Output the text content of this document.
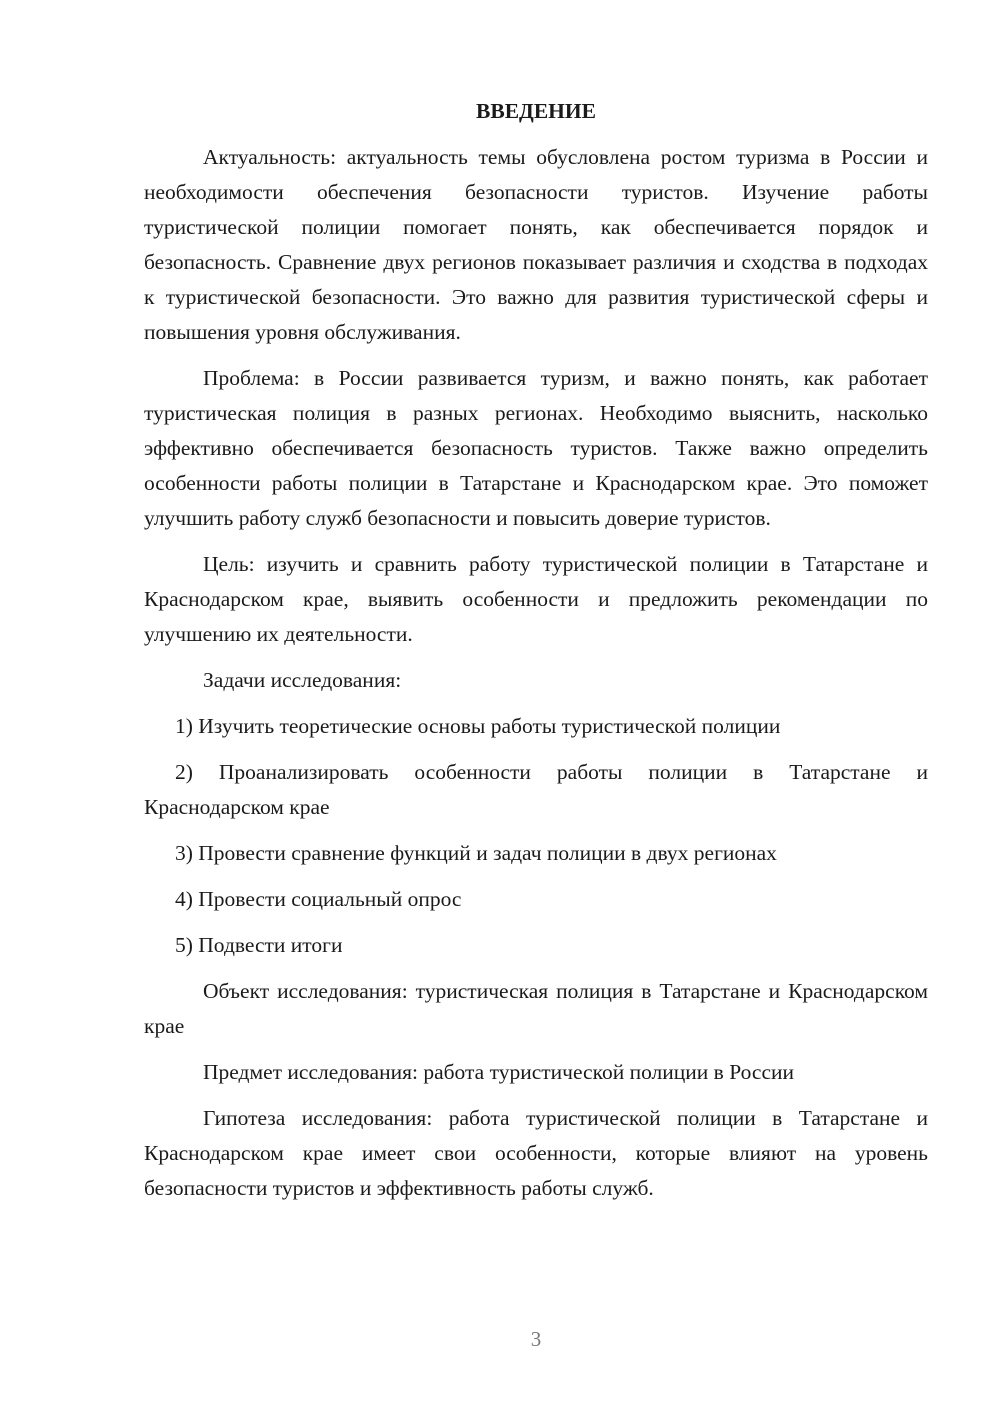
ВВЕДЕНИЕ

Актуальность: актуальность темы обусловлена ростом туризма в России и необходимости обеспечения безопасности туристов. Изучение работы туристической полиции помогает понять, как обеспечивается порядок и безопасность. Сравнение двух регионов показывает различия и сходства в подходах к туристической безопасности. Это важно для развития туристической сферы и повышения уровня обслуживания.

Проблема: в России развивается туризм, и важно понять, как работает туристическая полиция в разных регионах. Необходимо выяснить, насколько эффективно обеспечивается безопасность туристов. Также важно определить особенности работы полиции в Татарстане и Краснодарском крае. Это поможет улучшить работу служб безопасности и повысить доверие туристов.

Цель: изучить и сравнить работу туристической полиции в Татарстане и Краснодарском крае, выявить особенности и предложить рекомендации по улучшению их деятельности.

Задачи исследования:

1) Изучить теоретические основы работы туристической полиции

2) Проанализировать особенности работы полиции в Татарстане и Краснодарском крае

3) Провести сравнение функций и задач полиции в двух регионах

4) Провести социальный опрос

5) Подвести итоги

Объект исследования: туристическая полиция в Татарстане и Краснодарском крае

Предмет исследования: работа туристической полиции в России

Гипотеза исследования: работа туристической полиции в Татарстане и Краснодарском крае имеет свои особенности, которые влияют на уровень безопасности туристов и эффективность работы служб.

3
